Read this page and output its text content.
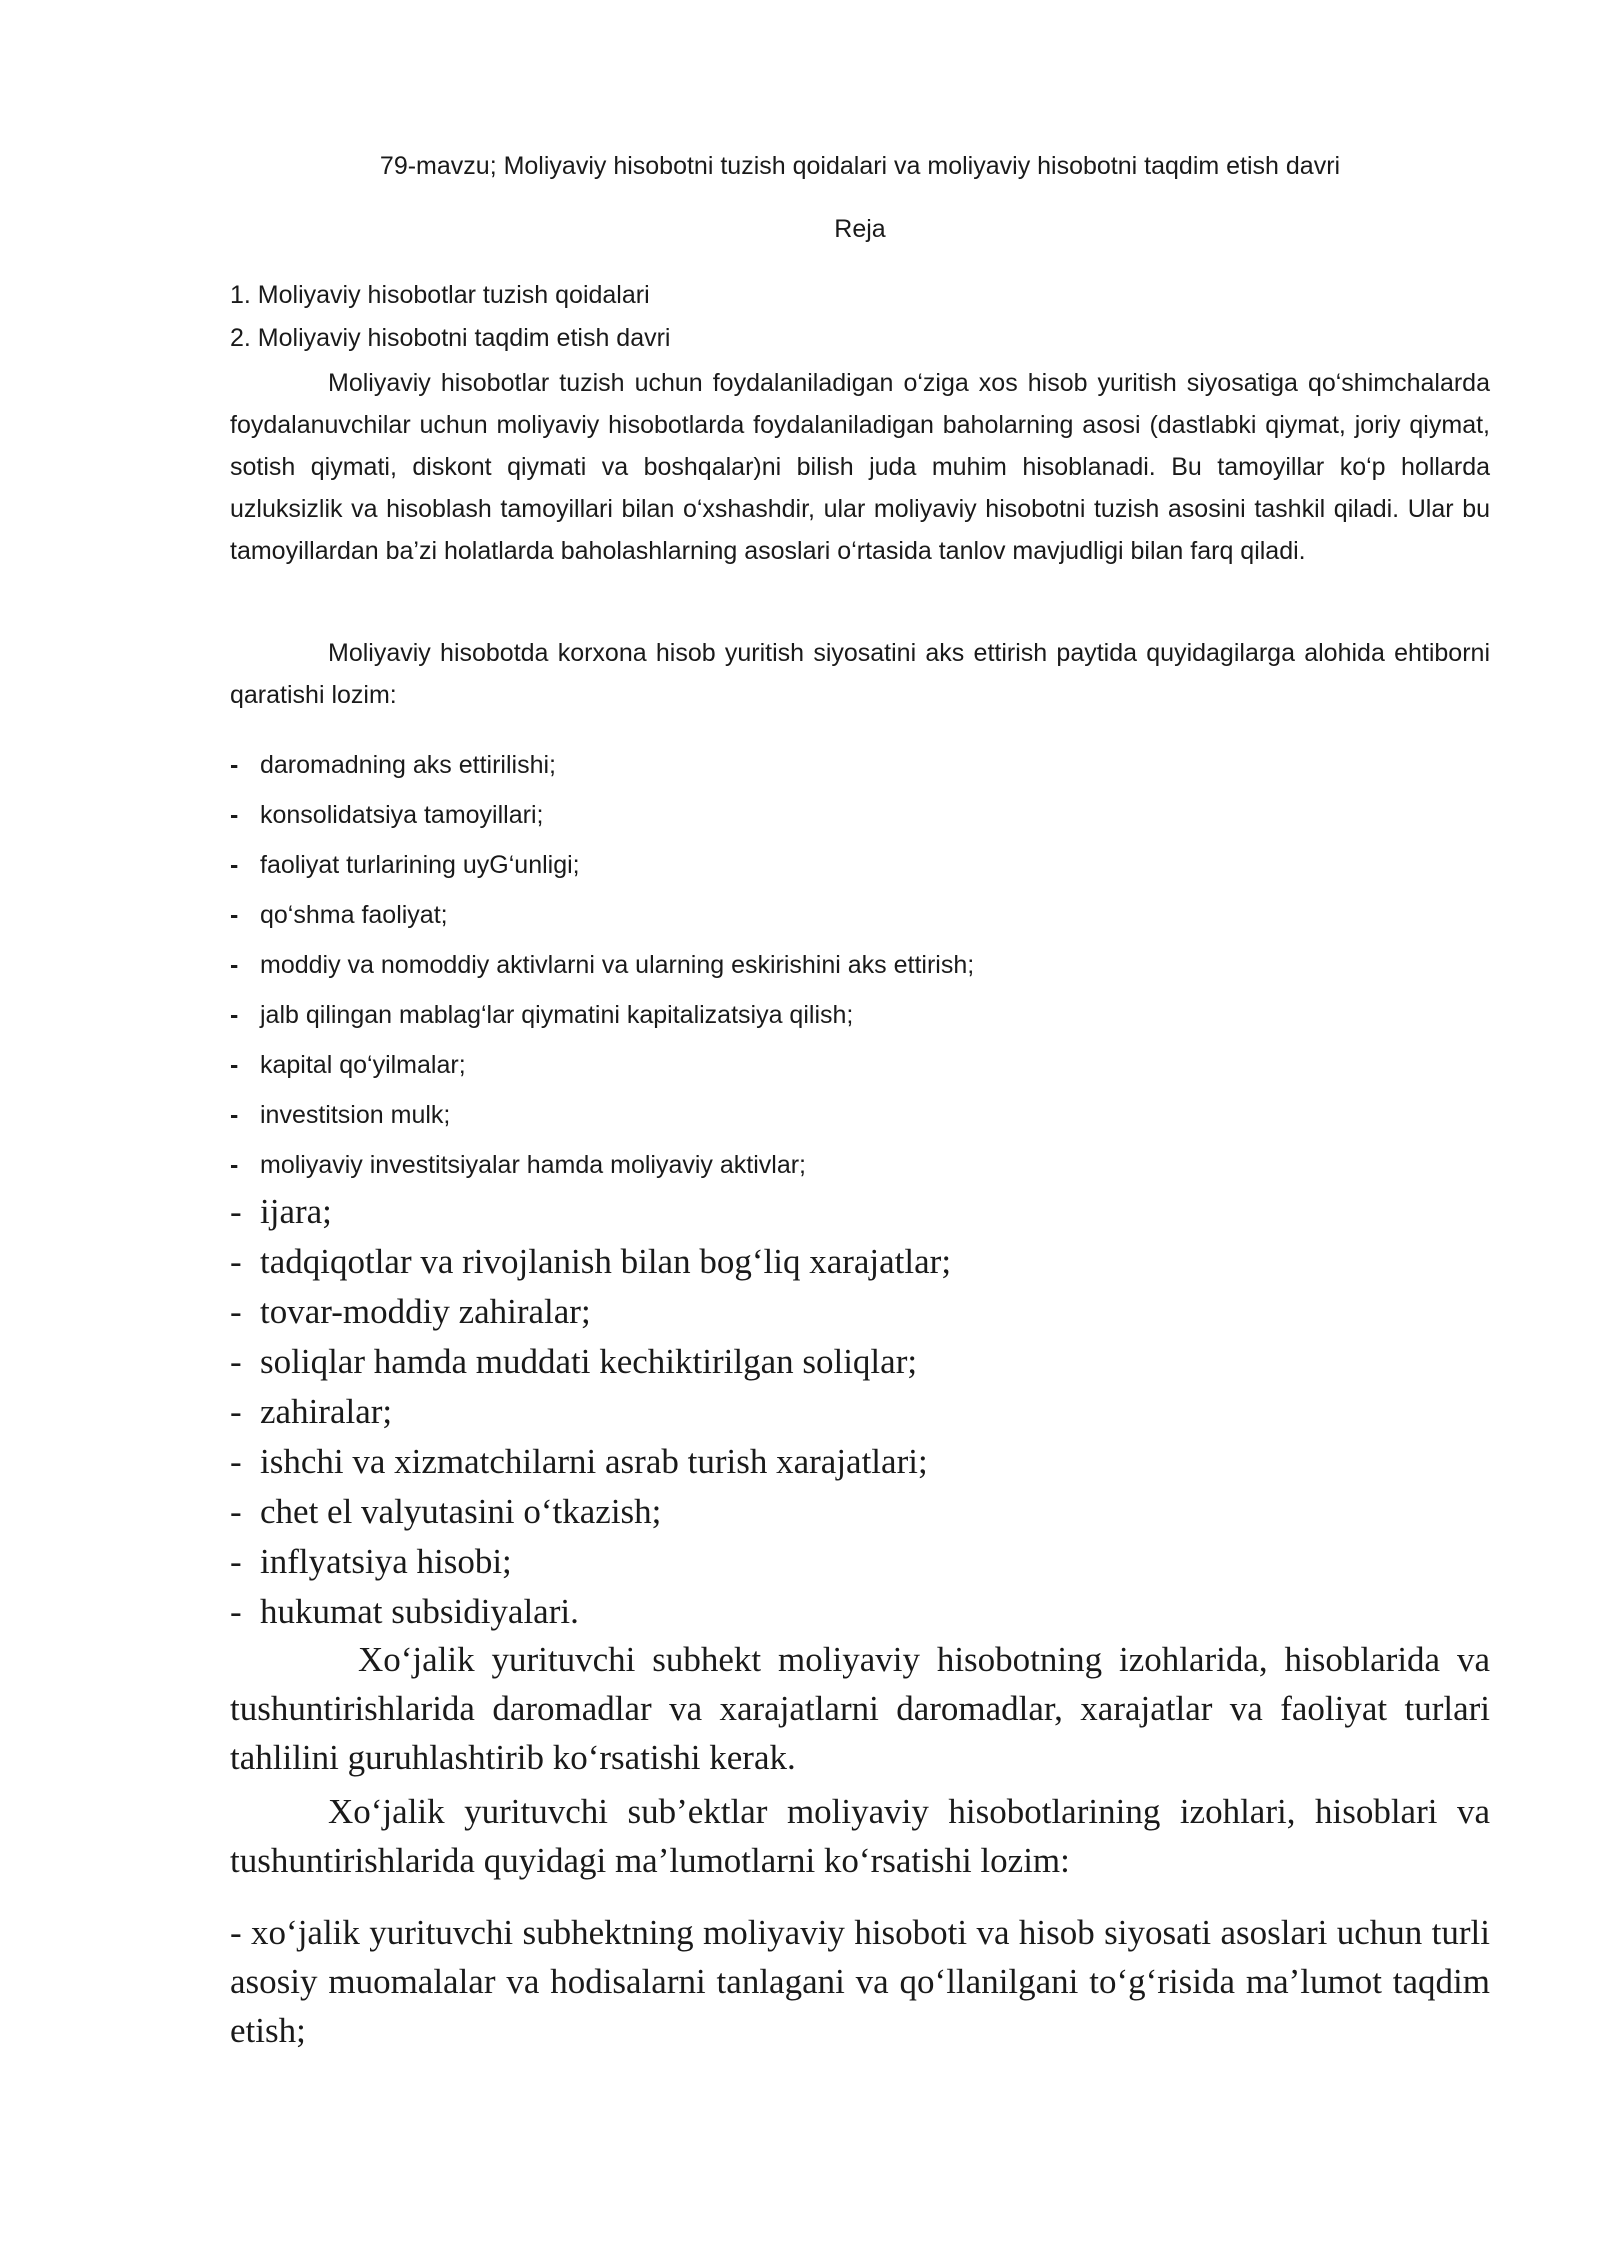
79-mavzu; Moliyaviy hisobotni tuzish qoidalari va moliyaviy hisobotni taqdim etish davri
Reja
1. Moliyaviy hisobotlar tuzish qoidalari
2. Moliyaviy hisobotni taqdim etish davri

Moliyaviy hisobotlar tuzish uchun foydalaniladigan o‘ziga xos hisob yuritish siyosatiga qo‘shimchalarda foydalanuvchilar uchun moliyaviy hisobotlarda foydalaniladigan baholarning asosi (dastlabki qiymat, joriy qiymat, sotish qiymati, diskont qiymati va boshqalar)ni bilish juda muhim hisoblanadi. Bu tamoyillar ko‘p hollarda uzluksizlik va hisoblash tamoyillari bilan o‘xshashdir, ular moliyaviy hisobotni tuzish asosini tashkil qiladi. Ular bu tamoyillardan ba’zi holatlarda baholashlarning asoslari o‘rtasida tanlov mavjudligi bilan farq qiladi.

Moliyaviy hisobotda korxona hisob yuritish siyosatini aks ettirish paytida quyidagilarga alohida ehtiborni qaratishi lozim:

- daromadning aks ettirilishi;
- konsolidatsiya tamoyillari;
- faoliyat turlarining uyG‘unligi;
- qo‘shma faoliyat;
- moddiy va nomoddiy aktivlarni va ularning eskirishini aks ettirish;
- jalb qilingan mablag‘lar qiymatini kapitalizatsiya qilish;
- kapital qo‘yilmalar;
- investitsion mulk;
- moliyaviy investitsiyalar hamda moliyaviy aktivlar;
- ijara;
- tadqiqotlar va rivojlanish bilan bog‘liq xarajatlar;
- tovar-moddiy zahiralar;
- soliqlar hamda muddati kechiktirilgan soliqlar;
- zahiralar;
- ishchi va xizmatchilarni asrab turish xarajatlari;
- chet el valyutasini o‘tkazish;
- inflyatsiya hisobi;
- hukumat subsidiyalari.

Xo‘jalik yurituvchi subhekt moliyaviy hisobotning izohlarida, hisoblarida va tushuntirishlarida daromadlar va xarajatlarni daromadlar, xarajatlar va faoliyat turlari tahlilini guruhlashtirib ko‘rsatishi kerak.

Xo‘jalik yurituvchi sub’ektlar moliyaviy hisobotlarining izohlari, hisoblari va tushuntirishlarida quyidagi ma’lumotlarni ko‘rsatishi lozim:

- xo‘jalik yurituvchi subhektning moliyaviy hisoboti va hisob siyosati asoslari uchun turli asosiy muomalalar va hodisalarni tanlagani va qo‘llanilgani to‘g‘risida ma’lumot taqdim etish;
